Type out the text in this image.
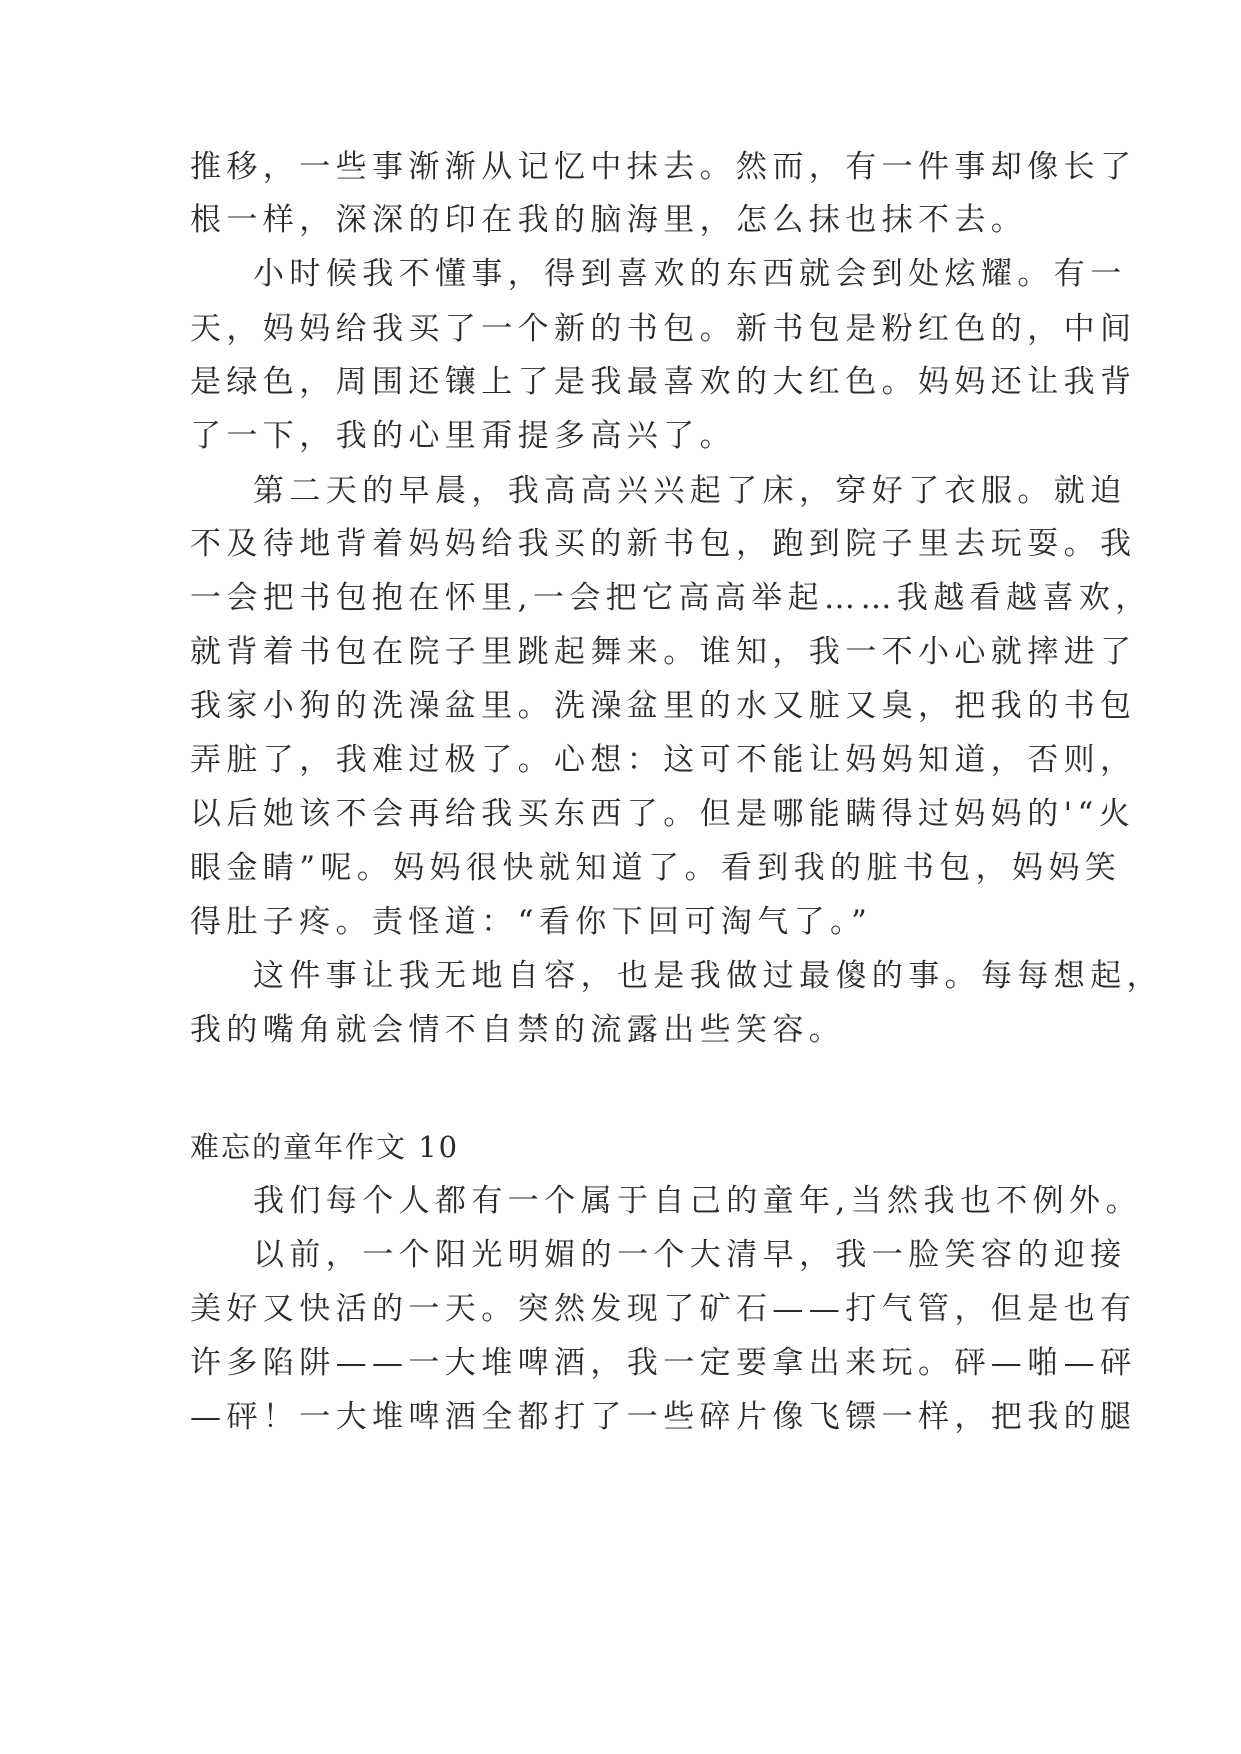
推移，一些事渐渐从记忆中抹去。然而，有一件事却像长了
根一样，深深的印在我的脑海里，怎么抹也抹不去。
小时候我不懂事，得到喜欢的东西就会到处炫耀。有一
天，妈妈给我买了一个新的书包。新书包是粉红色的，中间
是绿色，周围还镶上了是我最喜欢的大红色。妈妈还让我背
了一下，我的心里甭提多高兴了。
第二天的早晨，我高高兴兴起了床，穿好了衣服。就迫
不及待地背着妈妈给我买的新书包，跑到院子里去玩耍。我
一会把书包抱在怀里,一会把它高高举起……我越看越喜欢，
就背着书包在院子里跳起舞来。谁知，我一不小心就摔进了
我家小狗的洗澡盆里。洗澡盆里的水又脏又臭，把我的书包
弄脏了，我难过极了。心想：这可不能让妈妈知道，否则，
以后她该不会再给我买东西了。但是哪能瞒得过妈妈的'“火
眼金睛”呢。妈妈很快就知道了。看到我的脏书包，妈妈笑
得肚子疼。责怪道：“看你下回可淘气了。”
这件事让我无地自容，也是我做过最傻的事。每每想起，
我的嘴角就会情不自禁的流露出些笑容。
难忘的童年作文 10
我们每个人都有一个属于自己的童年,当然我也不例外。
以前，一个阳光明媚的一个大清早，我一脸笑容的迎接
美好又快活的一天。突然发现了矿石——打气管，但是也有
许多陷阱——一大堆啤酒，我一定要拿出来玩。砰—啪—砰
—砰！一大堆啤酒全都打了一些碎片像飞镖一样，把我的腿
